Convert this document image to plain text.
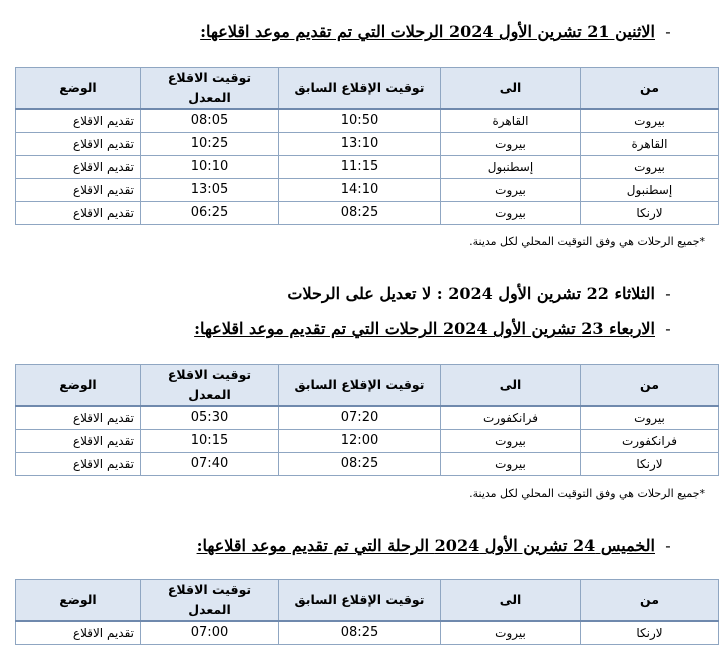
-الاثنين 21 تشرين الأول 2024 الرحلات التي تم تقديم موعد اقلاعها:

	من	الى	توقيت الإقلاع السابق	توقيت الاقلاع المعدل	الوضع
	بيروت	القاهرة	10:50	08:05	تقديم الاقلاع
	القاهرة	بيروت	13:10	10:25	تقديم الاقلاع
	بيروت	إسطنبول	11:15	10:10	تقديم الاقلاع
	إسطنبول	بيروت	14:10	13:05	تقديم الاقلاع
	لارنكا	بيروت	08:25	06:25	تقديم الاقلاع

*جميع الرحلات هي وفق التوقيت المحلي لكل مدينة.

-الثلاثاء 22 تشرين الأول 2024 : لا تعديل على الرحلات

-الاربعاء 23 تشرين الأول 2024 الرحلات التي تم تقديم موعد اقلاعها:

	من	الى	توقيت الإقلاع السابق	توقيت الاقلاع المعدل	الوضع
	بيروت	فرانكفورت	07:20	05:30	تقديم الاقلاع
	فرانكفورت	بيروت	12:00	10:15	تقديم الاقلاع
	لارنكا	بيروت	08:25	07:40	تقديم الاقلاع

*جميع الرحلات هي وفق التوقيت المحلي لكل مدينة.

-الخميس 24 تشرين الأول 2024 الرحلة التي تم تقديم موعد اقلاعها:

	من	الى	توقيت الإقلاع السابق	توقيت الاقلاع المعدل	الوضع
	لارنكا	بيروت	08:25	07:00	تقديم الاقلاع
